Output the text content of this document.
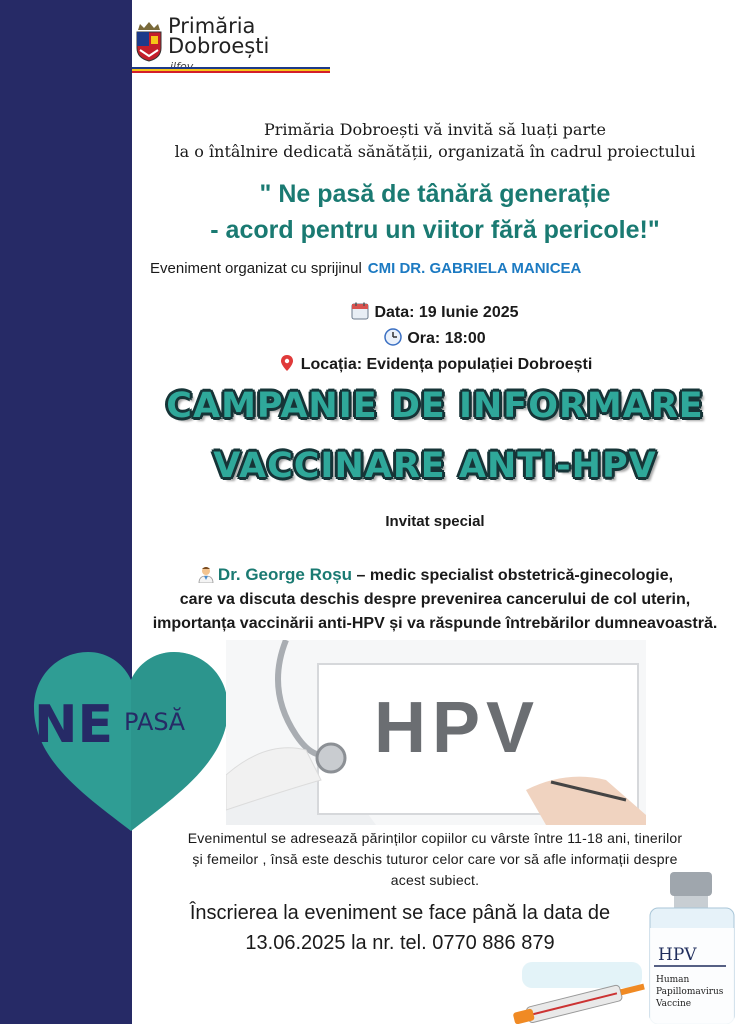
Primăria
Dobroești
Primăria Dobroești vă invită să luați parte
la o întâlnire dedicată sănătății, organizată în cadrul proiectului
" Ne pasă de tânără generație
- acord pentru un viitor fără pericole!"
Eveniment organizat cu sprijinul CMI DR. GABRIELA MANICEA
Data: 19 Iunie 2025
Ora: 18:00
Locația: Evidența populației Dobroești
CAMPANIE DE INFORMARE
VACCINARE ANTI-HPV
Invitat special
Dr. George Roșu – medic specialist obstetrică-ginecologie,
care va discuta deschis despre prevenirea cancerului de col uterin,
importanța vaccinării anti-HPV și va răspunde întrebărilor dumneavoastră.
NE PASĂ	HPV
Evenimentul se adresează părinților copiilor cu vârste între 11-18 ani, tinerilor
și femeilor , însă este deschis tuturor celor care vor să afle informații despre
acest subiect.
Înscrierea la eveniment se face până la data de
13.06.2025 la nr. tel. 0770 886 879
HPV
Human
Papillomavirus
Vaccine
